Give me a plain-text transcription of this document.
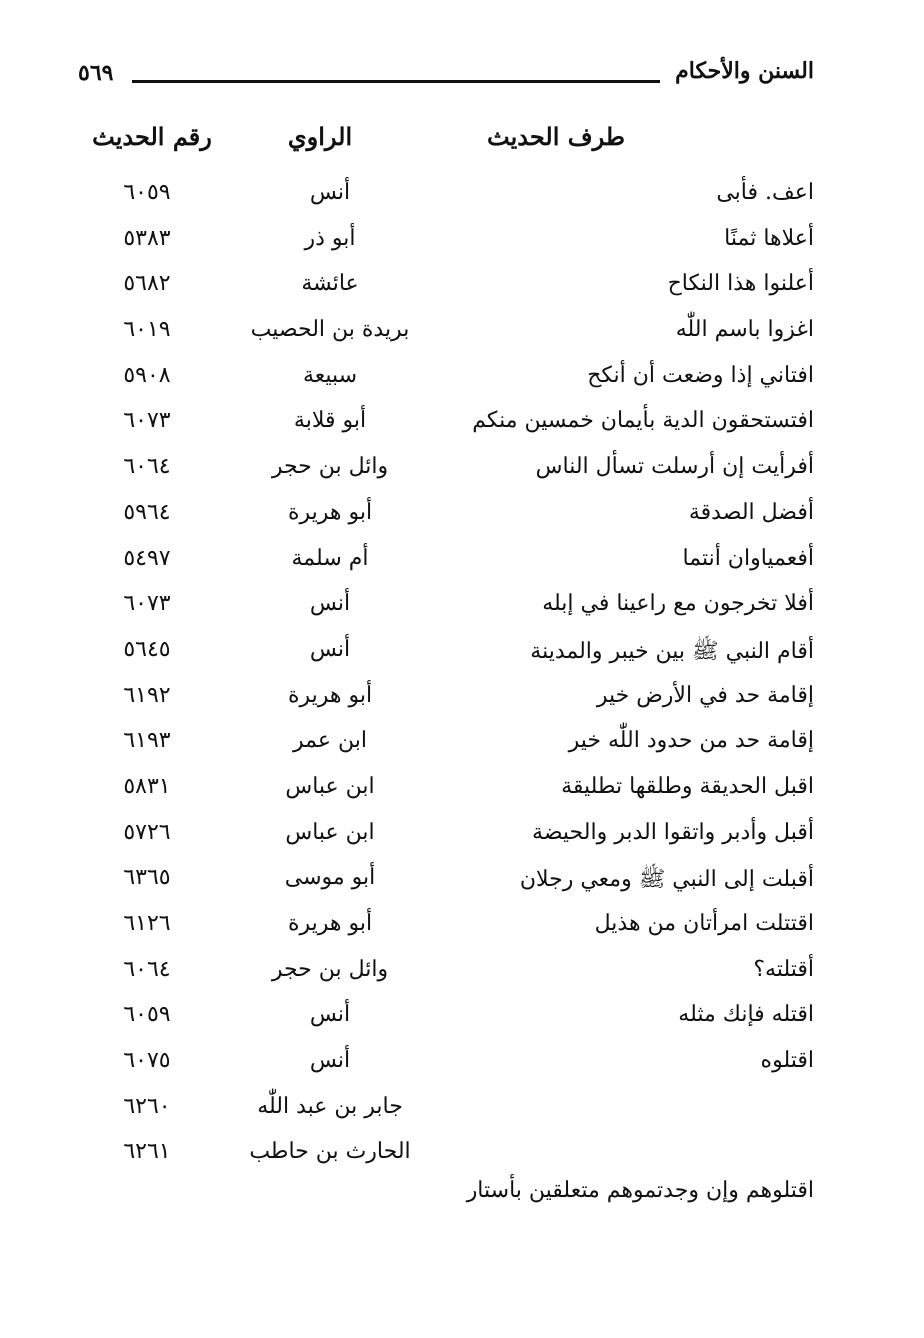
السنن والأحكام
٥٦٩
طرف الحديث
الراوي
رقم الحديث
اعف. فأبى
أنس
٦٠٥٩
أعلاها ثمنًا
أبو ذر
٥٣٨٣
أعلنوا هذا النكاح
عائشة
٥٦٨٢
اغزوا باسم اللّٰه
بريدة بن الحصيب
٦٠١٩
افتاني إذا وضعت أن أنكح
سبيعة
٥٩٠٨
افتستحقون الدية بأيمان خمسين منكم
أبو قلابة
٦٠٧٣
أفرأيت إن أرسلت تسأل الناس
وائل بن حجر
٦٠٦٤
أفضل الصدقة
أبو هريرة
٥٩٦٤
أفعمياوان أنتما
أم سلمة
٥٤٩٧
أفلا تخرجون مع راعينا في إبله
أنس
٦٠٧٣
أقام النبي ﷺ بين خيبر والمدينة
أنس
٥٦٤٥
إقامة حد في الأرض خير
أبو هريرة
٦١٩٢
إقامة حد من حدود اللّٰه خير
ابن عمر
٦١٩٣
اقبل الحديقة وطلقها تطليقة
ابن عباس
٥٨٣١
أقبل وأدبر واتقوا الدبر والحيضة
ابن عباس
٥٧٢٦
أقبلت إلى النبي ﷺ ومعي رجلان
أبو موسى
٦٣٦٥
اقتتلت امرأتان من هذيل
أبو هريرة
٦١٢٦
أقتلته؟
وائل بن حجر
٦٠٦٤
اقتله فإنك مثله
أنس
٦٠٥٩
اقتلوه
أنس
٦٠٧٥
جابر بن عبد اللّٰه
٦٢٦٠
الحارث بن حاطب
٦٢٦١
اقتلوهم وإن وجدتموهم متعلقين بأستار
